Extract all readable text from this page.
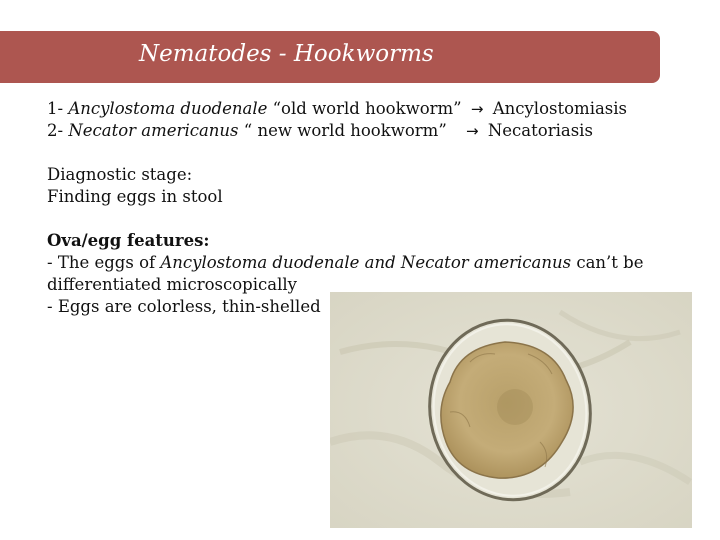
Nematodes - Hookworms
1- Ancylostoma duodenale “old world hookworm” → Ancylostomiasis
2- Necator americanus “ new world hookworm” → Necatoriasis
Diagnostic stage:
Finding eggs in stool
Ova/egg features:
- The eggs of Ancylostoma duodenale and Necator americanus can’t be
differentiated microscopically
- Eggs are colorless, thin-shelled
